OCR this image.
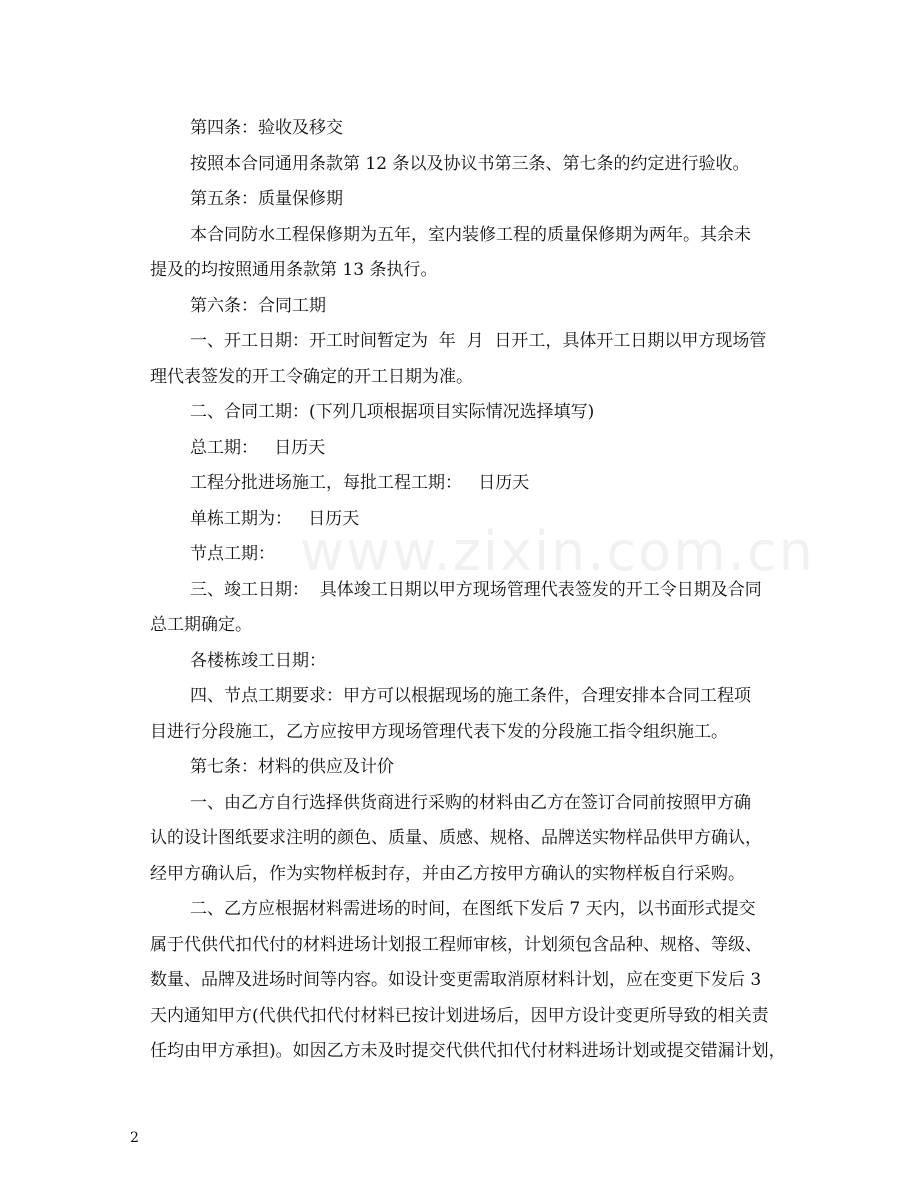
www.zixin.com.cn

第四条：验收及移交

按照本合同通用条款第 12 条以及协议书第三条、第七条的约定进行验收。

第五条：质量保修期

本合同防水工程保修期为五年，室内装修工程的质量保修期为两年。其余未

提及的均按照通用条款第 13 条执行。

第六条：合同工期

一、开工日期：开工时间暂定为  年  月  日开工，具体开工日期以甲方现场管

理代表签发的开工令确定的开工日期为准。

二、合同工期：(下列几项根据项目实际情况选择填写)

总工期：   日历天

工程分批进场施工，每批工程工期：   日历天

单栋工期为：   日历天

节点工期：

三、竣工日期：  具体竣工日期以甲方现场管理代表签发的开工令日期及合同

总工期确定。

各楼栋竣工日期：

四、节点工期要求：甲方可以根据现场的施工条件，合理安排本合同工程项

目进行分段施工，乙方应按甲方现场管理代表下发的分段施工指令组织施工。

第七条：材料的供应及计价

一、由乙方自行选择供货商进行采购的材料由乙方在签订合同前按照甲方确

认的设计图纸要求注明的颜色、质量、质感、规格、品牌送实物样品供甲方确认，

经甲方确认后，作为实物样板封存，并由乙方按甲方确认的实物样板自行采购。

二、乙方应根据材料需进场的时间，在图纸下发后 7 天内，以书面形式提交

属于代供代扣代付的材料进场计划报工程师审核，计划须包含品种、规格、等级、

数量、品牌及进场时间等内容。如设计变更需取消原材料计划，应在变更下发后 3

天内通知甲方(代供代扣代付材料已按计划进场后，因甲方设计变更所导致的相关责

任均由甲方承担)。如因乙方未及时提交代供代扣代付材料进场计划或提交错漏计划，

2
